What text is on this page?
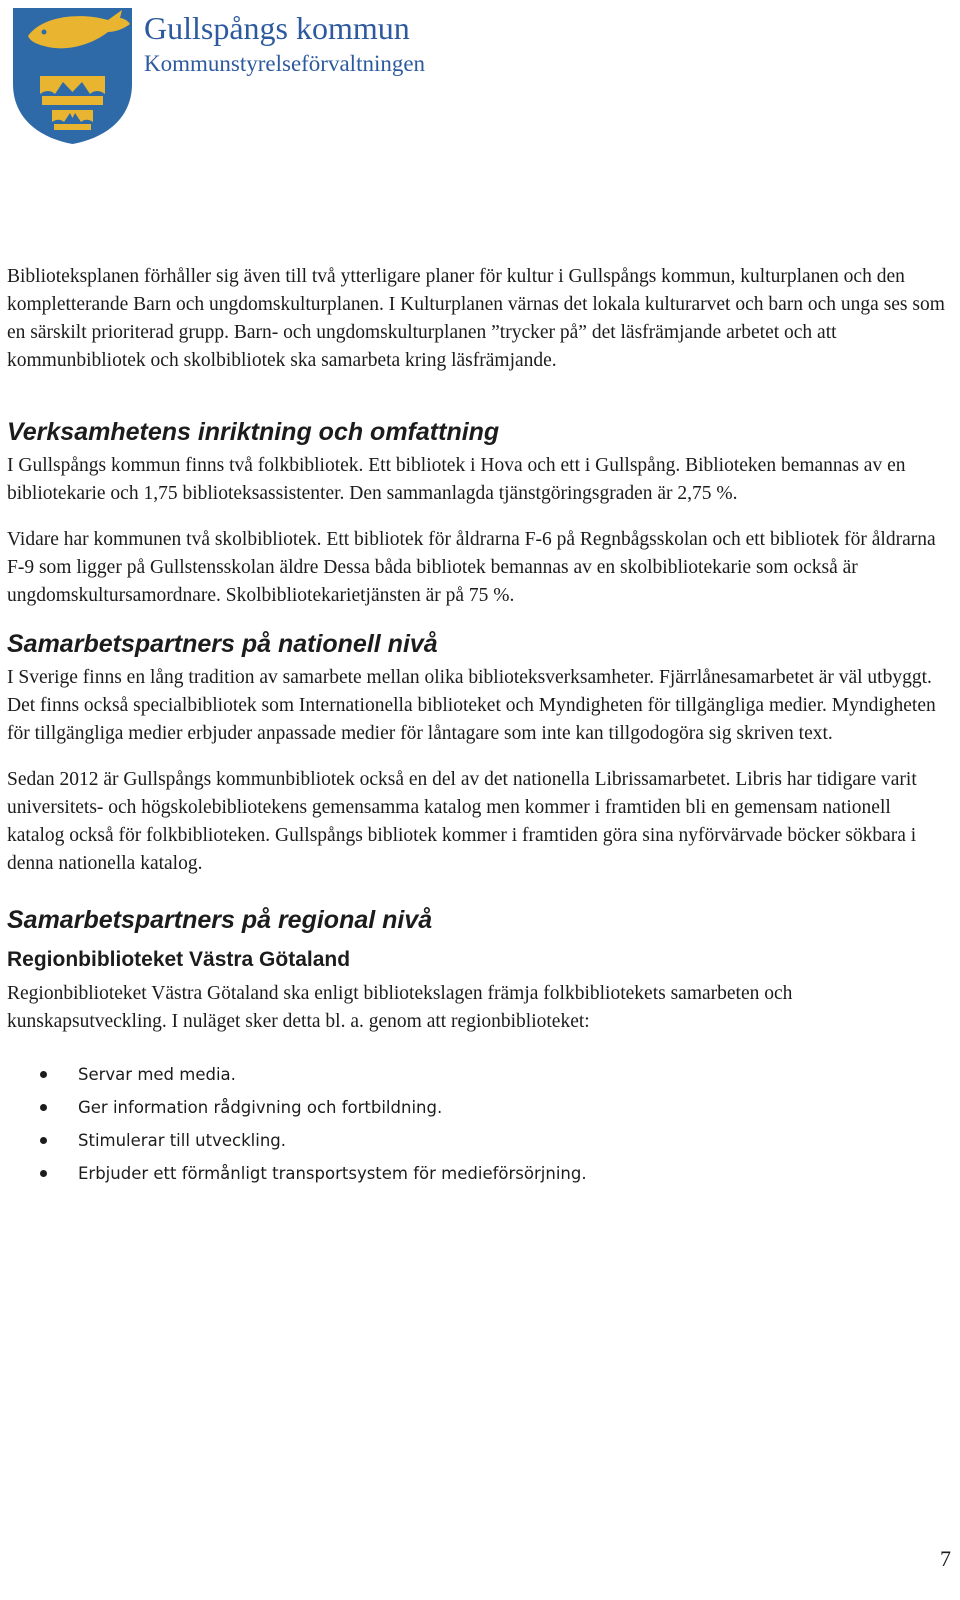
Gullspångs kommun
Kommunstyrelseförvaltningen

Biblioteksplanen förhåller sig även till två ytterligare planer för kultur i Gullspångs kommun, kulturplanen och den kompletterande Barn och ungdomskulturplanen. I Kulturplanen värnas det lokala kulturarvet och barn och unga ses som en särskilt prioriterad grupp. Barn- och ungdomskulturplanen ”trycker på” det läsfrämjande arbetet och att kommunbibliotek och skolbibliotek ska samarbeta kring läsfrämjande.

Verksamhetens inriktning och omfattning

I Gullspångs kommun finns två folkbibliotek. Ett bibliotek i Hova och ett i Gullspång. Biblioteken bemannas av en bibliotekarie och 1,75 biblioteksassistenter. Den sammanlagda tjänstgöringsgraden är 2,75 %.

Vidare har kommunen två skolbibliotek. Ett bibliotek för åldrarna F-6 på Regnbågsskolan och ett bibliotek för åldrarna F-9 som ligger på Gullstensskolan äldre Dessa båda bibliotek bemannas av en skolbibliotekarie som också är ungdomskultursamordnare. Skolbibliotekarietjänsten är på 75 %.

Samarbetspartners på nationell nivå

I Sverige finns en lång tradition av samarbete mellan olika biblioteksverksamheter. Fjärrlånesamarbetet är väl utbyggt. Det finns också specialbibliotek som Internationella biblioteket och Myndigheten för tillgängliga medier. Myndigheten för tillgängliga medier erbjuder anpassade medier för låntagare som inte kan tillgodogöra sig skriven text.

Sedan 2012 är Gullspångs kommunbibliotek också en del av det nationella Librissamarbetet. Libris har tidigare varit universitets- och högskolebibliotekens gemensamma katalog men kommer i framtiden bli en gemensam nationell katalog också för folkbiblioteken. Gullspångs bibliotek kommer i framtiden göra sina nyförvärvade böcker sökbara i denna nationella katalog.

Samarbetspartners på regional nivå
Regionbiblioteket Västra Götaland

Regionbiblioteket Västra Götaland ska enligt bibliotekslagen främja folkbibliotekets samarbeten och kunskapsutveckling. I nuläget sker detta bl. a. genom att regionbiblioteket:

Servar med media.
Ger information rådgivning och fortbildning.
Stimulerar till utveckling.
Erbjuder ett förmånligt transportsystem för medieförsörjning.
7
